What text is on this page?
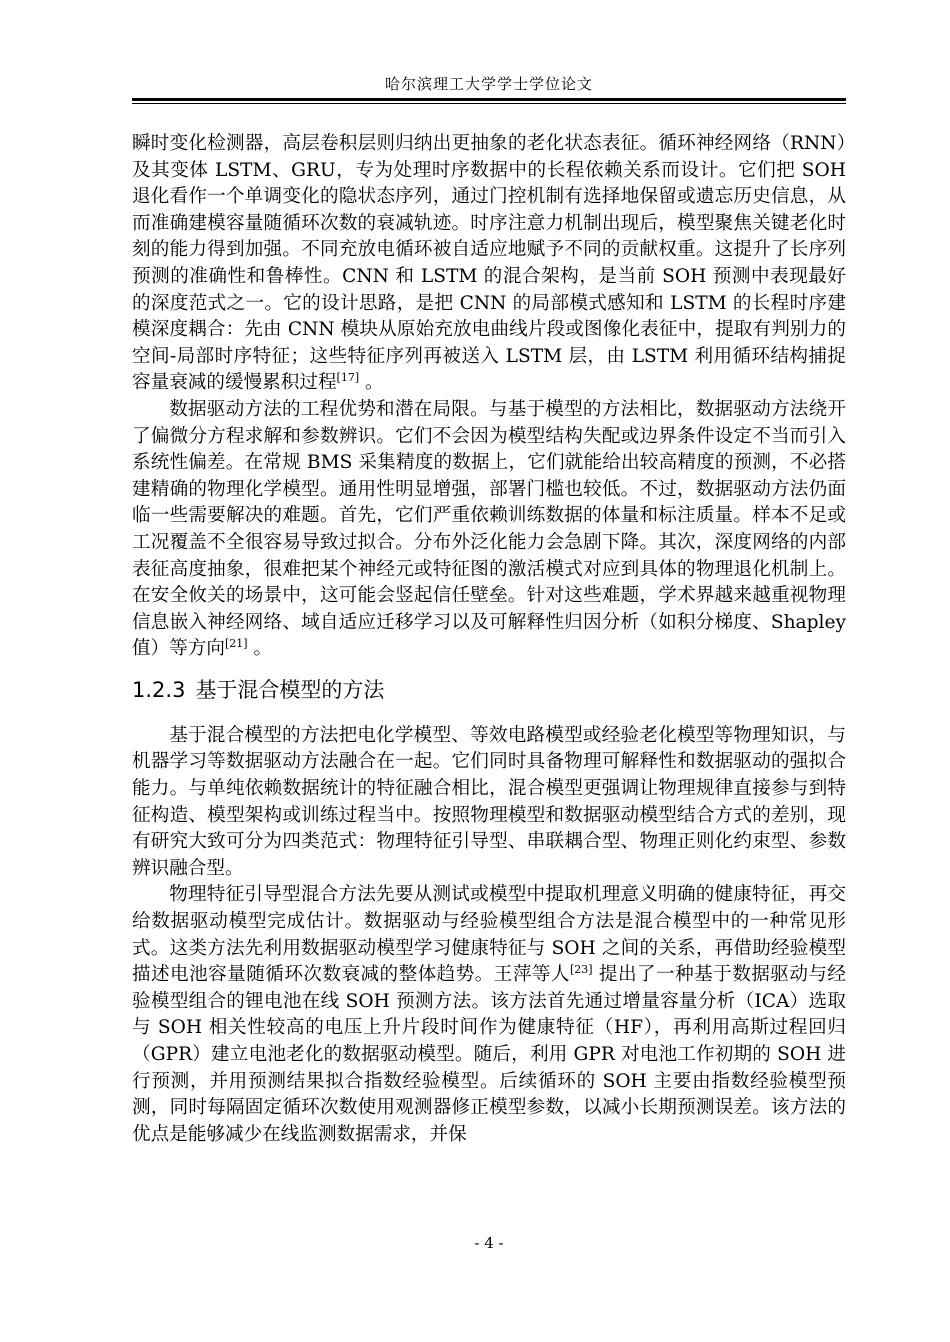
哈尔滨理工大学学士学位论文

瞬时变化检测器，高层卷积层则归纳出更抽象的老化状态表征。循环神经网络（RNN）及其变体 LSTM、GRU，专为处理时序数据中的长程依赖关系而设计。它们把 SOH 退化看作一个单调变化的隐状态序列，通过门控机制有选择地保留或遗忘历史信息，从而准确建模容量随循环次数的衰减轨迹。时序注意力机制出现后，模型聚焦关键老化时刻的能力得到加强。不同充放电循环被自适应地赋予不同的贡献权重。这提升了长序列预测的准确性和鲁棒性。CNN 和 LSTM 的混合架构，是当前 SOH 预测中表现最好的深度范式之一。它的设计思路，是把 CNN 的局部模式感知和 LSTM 的长程时序建模深度耦合：先由 CNN 模块从原始充放电曲线片段或图像化表征中，提取有判别力的空间-局部时序特征；这些特征序列再被送入 LSTM 层，由 LSTM 利用循环结构捕捉容量衰减的缓慢累积过程[17] 。

数据驱动方法的工程优势和潜在局限。与基于模型的方法相比，数据驱动方法绕开了偏微分方程求解和参数辨识。它们不会因为模型结构失配或边界条件设定不当而引入系统性偏差。在常规 BMS 采集精度的数据上，它们就能给出较高精度的预测，不必搭建精确的物理化学模型。通用性明显增强，部署门槛也较低。不过，数据驱动方法仍面临一些需要解决的难题。首先，它们严重依赖训练数据的体量和标注质量。样本不足或工况覆盖不全很容易导致过拟合。分布外泛化能力会急剧下降。其次，深度网络的内部表征高度抽象，很难把某个神经元或特征图的激活模式对应到具体的物理退化机制上。在安全攸关的场景中，这可能会竖起信任壁垒。针对这些难题，学术界越来越重视物理信息嵌入神经网络、域自适应迁移学习以及可解释性归因分析（如积分梯度、Shapley 值）等方向[21] 。

1.2.3 基于混合模型的方法

基于混合模型的方法把电化学模型、等效电路模型或经验老化模型等物理知识，与机器学习等数据驱动方法融合在一起。它们同时具备物理可解释性和数据驱动的强拟合能力。与单纯依赖数据统计的特征融合相比，混合模型更强调让物理规律直接参与到特征构造、模型架构或训练过程当中。按照物理模型和数据驱动模型结合方式的差别，现有研究大致可分为四类范式：物理特征引导型、串联耦合型、物理正则化约束型、参数辨识融合型。

物理特征引导型混合方法先要从测试或模型中提取机理意义明确的健康特征，再交给数据驱动模型完成估计。数据驱动与经验模型组合方法是混合模型中的一种常见形式。这类方法先利用数据驱动模型学习健康特征与 SOH 之间的关系，再借助经验模型描述电池容量随循环次数衰减的整体趋势。王萍等人[23] 提出了一种基于数据驱动与经验模型组合的锂电池在线 SOH 预测方法。该方法首先通过增量容量分析（ICA）选取与 SOH 相关性较高的电压上升片段时间作为健康特征（HF），再利用高斯过程回归（GPR）建立电池老化的数据驱动模型。随后，利用 GPR 对电池工作初期的 SOH 进行预测，并用预测结果拟合指数经验模型。后续循环的 SOH 主要由指数经验模型预测，同时每隔固定循环次数使用观测器修正模型参数，以减小长期预测误差。该方法的优点是能够减少在线监测数据需求，并保

- 4 -
